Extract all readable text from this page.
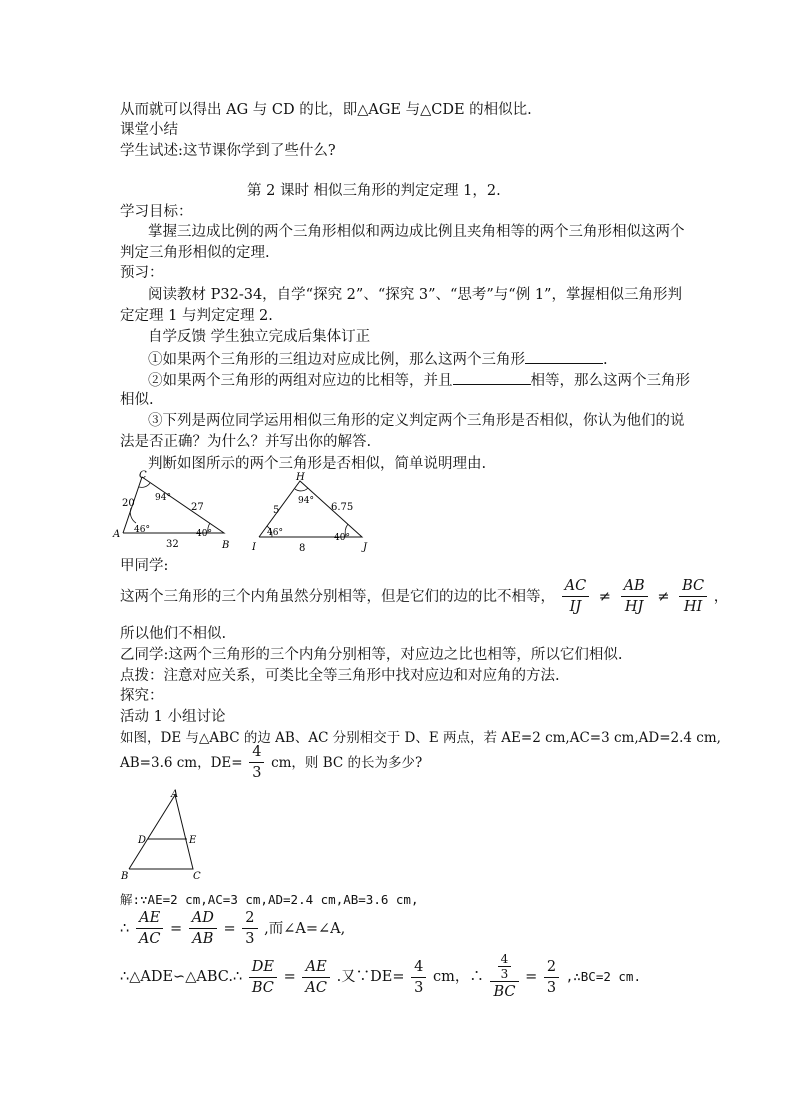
从而就可以得出 AG 与 CD 的比，即△AGE 与△CDE 的相似比.
课堂小结
学生试述:这节课你学到了些什么?
第 2 课时 相似三角形的判定定理 1，2.
学习目标：
掌握三边成比例的两个三角形相似和两边成比例且夹角相等的两个三角形相似这两个
判定三角形相似的定理.
预习：
阅读教材 P32-34，自学“探究 2”、“探究 3”、“思考”与“例 1”，掌握相似三角形判
定定理 1 与判定定理 2.
自学反馈 学生独立完成后集体订正
①如果两个三角形的三组边对应成比例，那么这两个三角形	.
②如果两个三角形的两组对应边的比相等，并且	相等，那么这两个三角形
相似.
③下列是两位同学运用相似三角形的定义判定两个三角形是否相似，你认为他们的说
法是否正确？为什么？并写出你的解答.
判断如图所示的两个三角形是否相似，简单说明理由.
A
B
C
20	27
32
94°
46°	40°
I	J
H
5	6.75
8
94°
46°	40°
甲同学:
这两个三角形的三个内角虽然分别相等，但是它们的边的比不相等， $\frac{AC}{IJ} \ne \frac{AB}{HJ} \ne \frac{BC}{HI}$ ，
所以他们不相似.
乙同学:这两个三角形的三个内角分别相等，对应边之比也相等，所以它们相似.
点拨：注意对应关系，可类比全等三角形中找对应边和对应角的方法.
探究：
活动 1 小组讨论
如图，DE 与△ABC 的边 AB、AC 分别相交于 D、E 两点，若 AE=2 cm,AC=3 cm,AD=2.4 cm,
AB=3.6 cm，$DE= \frac{4}{3}$ cm，则 BC 的长为多少?
A
B	C
D	E
解:∵AE=2 cm,AC=3 cm,AD=2.4 cm,AB=3.6 cm,
∴ $\frac{AE}{AC} = \frac{AD}{AB} = \frac{2}{3}$ ,而∠A=∠A,
∴△ADE∽△ABC.∴ $\frac{DE}{BC} = \frac{AE}{AC}$ .又∵DE= $\frac{4}{3}$ cm，∴ $\frac{\frac{4}{3}}{BC} = \frac{2}{3}$ ,∴BC=2 cm.
